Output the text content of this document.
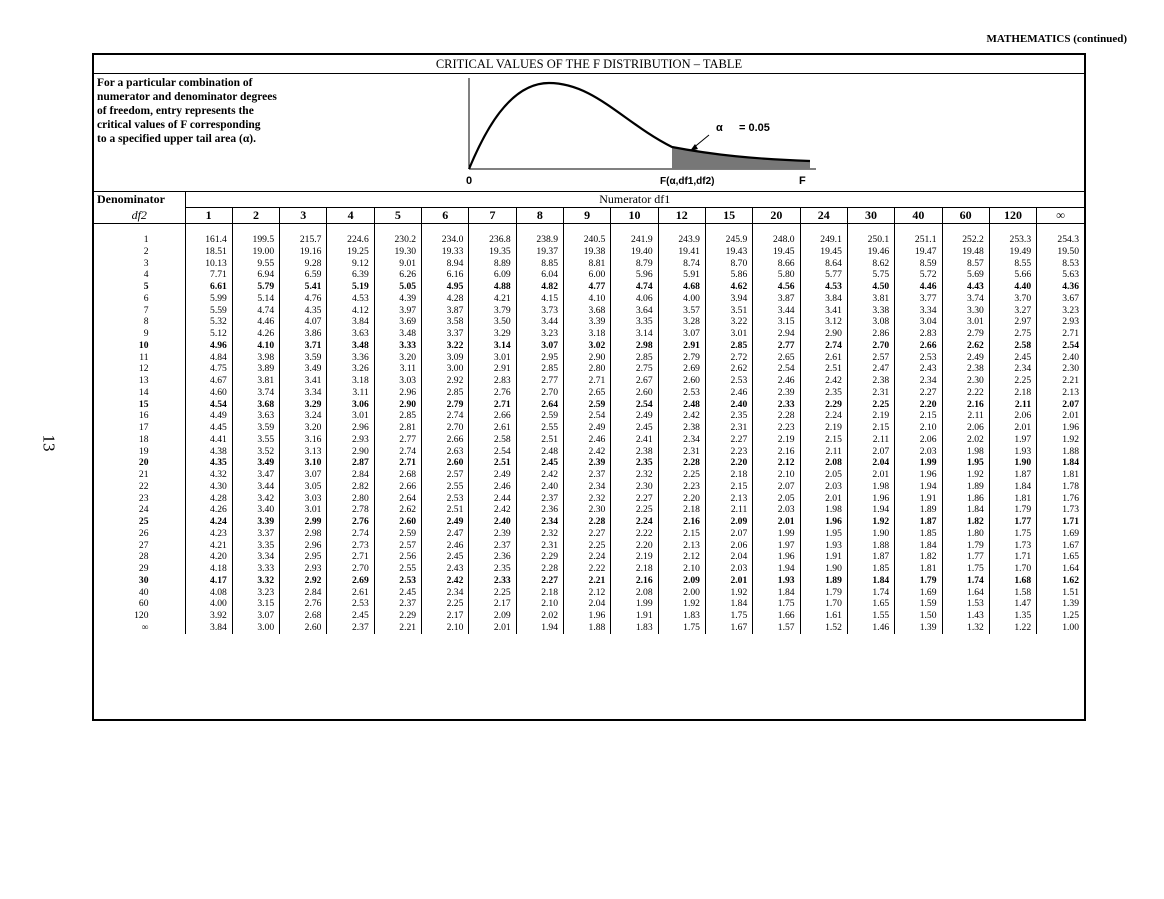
MATHEMATICS (continued)
13
CRITICAL VALUES OF THE F DISTRIBUTION – TABLE
For a particular combination of
numerator and denominator degrees
of freedom, entry represents the
critical values of F corresponding
to a specified upper tail area (α).
α = 0.05
0	F(α,df1,df2)	F
Denominator	Numerator df1																		
df2	1	2	3	4	5	6	7	8	9	10	12	15	20	24	30	40	60	120	∞

1	161.4	199.5	215.7	224.6	230.2	234.0	236.8	238.9	240.5	241.9	243.9	245.9	248.0	249.1	250.1	251.1	252.2	253.3	254.3
2	18.51	19.00	19.16	19.25	19.30	19.33	19.35	19.37	19.38	19.40	19.41	19.43	19.45	19.45	19.46	19.47	19.48	19.49	19.50
3	10.13	9.55	9.28	9.12	9.01	8.94	8.89	8.85	8.81	8.79	8.74	8.70	8.66	8.64	8.62	8.59	8.57	8.55	8.53
4	7.71	6.94	6.59	6.39	6.26	6.16	6.09	6.04	6.00	5.96	5.91	5.86	5.80	5.77	5.75	5.72	5.69	5.66	5.63
5	6.61	5.79	5.41	5.19	5.05	4.95	4.88	4.82	4.77	4.74	4.68	4.62	4.56	4.53	4.50	4.46	4.43	4.40	4.36
6	5.99	5.14	4.76	4.53	4.39	4.28	4.21	4.15	4.10	4.06	4.00	3.94	3.87	3.84	3.81	3.77	3.74	3.70	3.67
7	5.59	4.74	4.35	4.12	3.97	3.87	3.79	3.73	3.68	3.64	3.57	3.51	3.44	3.41	3.38	3.34	3.30	3.27	3.23
8	5.32	4.46	4.07	3.84	3.69	3.58	3.50	3.44	3.39	3.35	3.28	3.22	3.15	3.12	3.08	3.04	3.01	2.97	2.93
9	5.12	4.26	3.86	3.63	3.48	3.37	3.29	3.23	3.18	3.14	3.07	3.01	2.94	2.90	2.86	2.83	2.79	2.75	2.71
10	4.96	4.10	3.71	3.48	3.33	3.22	3.14	3.07	3.02	2.98	2.91	2.85	2.77	2.74	2.70	2.66	2.62	2.58	2.54
11	4.84	3.98	3.59	3.36	3.20	3.09	3.01	2.95	2.90	2.85	2.79	2.72	2.65	2.61	2.57	2.53	2.49	2.45	2.40
12	4.75	3.89	3.49	3.26	3.11	3.00	2.91	2.85	2.80	2.75	2.69	2.62	2.54	2.51	2.47	2.43	2.38	2.34	2.30
13	4.67	3.81	3.41	3.18	3.03	2.92	2.83	2.77	2.71	2.67	2.60	2.53	2.46	2.42	2.38	2.34	2.30	2.25	2.21
14	4.60	3.74	3.34	3.11	2.96	2.85	2.76	2.70	2.65	2.60	2.53	2.46	2.39	2.35	2.31	2.27	2.22	2.18	2.13
15	4.54	3.68	3.29	3.06	2.90	2.79	2.71	2.64	2.59	2.54	2.48	2.40	2.33	2.29	2.25	2.20	2.16	2.11	2.07
16	4.49	3.63	3.24	3.01	2.85	2.74	2.66	2.59	2.54	2.49	2.42	2.35	2.28	2.24	2.19	2.15	2.11	2.06	2.01
17	4.45	3.59	3.20	2.96	2.81	2.70	2.61	2.55	2.49	2.45	2.38	2.31	2.23	2.19	2.15	2.10	2.06	2.01	1.96
18	4.41	3.55	3.16	2.93	2.77	2.66	2.58	2.51	2.46	2.41	2.34	2.27	2.19	2.15	2.11	2.06	2.02	1.97	1.92
19	4.38	3.52	3.13	2.90	2.74	2.63	2.54	2.48	2.42	2.38	2.31	2.23	2.16	2.11	2.07	2.03	1.98	1.93	1.88
20	4.35	3.49	3.10	2.87	2.71	2.60	2.51	2.45	2.39	2.35	2.28	2.20	2.12	2.08	2.04	1.99	1.95	1.90	1.84
21	4.32	3.47	3.07	2.84	2.68	2.57	2.49	2.42	2.37	2.32	2.25	2.18	2.10	2.05	2.01	1.96	1.92	1.87	1.81
22	4.30	3.44	3.05	2.82	2.66	2.55	2.46	2.40	2.34	2.30	2.23	2.15	2.07	2.03	1.98	1.94	1.89	1.84	1.78
23	4.28	3.42	3.03	2.80	2.64	2.53	2.44	2.37	2.32	2.27	2.20	2.13	2.05	2.01	1.96	1.91	1.86	1.81	1.76
24	4.26	3.40	3.01	2.78	2.62	2.51	2.42	2.36	2.30	2.25	2.18	2.11	2.03	1.98	1.94	1.89	1.84	1.79	1.73
25	4.24	3.39	2.99	2.76	2.60	2.49	2.40	2.34	2.28	2.24	2.16	2.09	2.01	1.96	1.92	1.87	1.82	1.77	1.71
26	4.23	3.37	2.98	2.74	2.59	2.47	2.39	2.32	2.27	2.22	2.15	2.07	1.99	1.95	1.90	1.85	1.80	1.75	1.69
27	4.21	3.35	2.96	2.73	2.57	2.46	2.37	2.31	2.25	2.20	2.13	2.06	1.97	1.93	1.88	1.84	1.79	1.73	1.67
28	4.20	3.34	2.95	2.71	2.56	2.45	2.36	2.29	2.24	2.19	2.12	2.04	1.96	1.91	1.87	1.82	1.77	1.71	1.65
29	4.18	3.33	2.93	2.70	2.55	2.43	2.35	2.28	2.22	2.18	2.10	2.03	1.94	1.90	1.85	1.81	1.75	1.70	1.64
30	4.17	3.32	2.92	2.69	2.53	2.42	2.33	2.27	2.21	2.16	2.09	2.01	1.93	1.89	1.84	1.79	1.74	1.68	1.62
40	4.08	3.23	2.84	2.61	2.45	2.34	2.25	2.18	2.12	2.08	2.00	1.92	1.84	1.79	1.74	1.69	1.64	1.58	1.51
60	4.00	3.15	2.76	2.53	2.37	2.25	2.17	2.10	2.04	1.99	1.92	1.84	1.75	1.70	1.65	1.59	1.53	1.47	1.39
120	3.92	3.07	2.68	2.45	2.29	2.17	2.09	2.02	1.96	1.91	1.83	1.75	1.66	1.61	1.55	1.50	1.43	1.35	1.25
∞	3.84	3.00	2.60	2.37	2.21	2.10	2.01	1.94	1.88	1.83	1.75	1.67	1.57	1.52	1.46	1.39	1.32	1.22	1.00
